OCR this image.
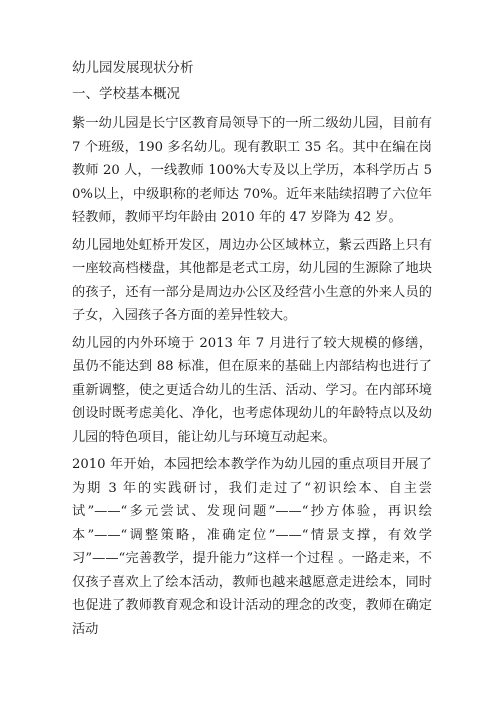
幼儿园发展现状分析
一、学校基本概况

紫一幼儿园是长宁区教育局领导下的一所二级幼儿园，目前有 7 个班级，190 多名幼儿。现有教职工 35 名。其中在编在岗教师 20 人，一线教师 100%大专及以上学历，本科学历占 50%以上，中级职称的老师达 70%。近年来陆续招聘了六位年轻教师，教师平均年龄由 2010 年的 47 岁降为 42 岁。

幼儿园地处虹桥开发区，周边办公区域林立，紫云西路上只有一座较高档楼盘，其他都是老式工房，幼儿园的生源除了地块的孩子，还有一部分是周边办公区及经营小生意的外来人员的子女，入园孩子各方面的差异性较大。

幼儿园的内外环境于 2013 年 7 月进行了较大规模的修缮，虽仍不能达到 88 标准，但在原来的基础上内部结构也进行了重新调整，使之更适合幼儿的生活、活动、学习。在内部环境创设时既考虑美化、净化，也考虑体现幼儿的年龄特点以及幼儿园的特色项目，能让幼儿与环境互动起来。

2010 年开始，本园把绘本教学作为幼儿园的重点项目开展了为期 3 年的实践研讨，我们走过了“初识绘本、自主尝试”——“多元尝试、发现问题”——“抄方体验，再识绘本”——“调整策略，准确定位”——“情景支撑，有效学习”——“完善教学，提升能力”这样一个过程 。一路走来，不仅孩子喜欢上了绘本活动，教师也越来越愿意走进绘本，同时也促进了教师教育观念和设计活动的理念的改变，教师在确定活动
